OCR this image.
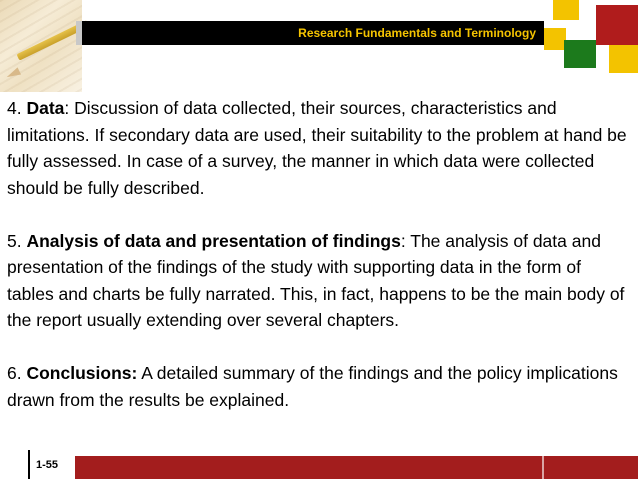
Research Fundamentals and Terminology

4. Data: Discussion of data collected, their sources, characteristics and limitations. If secondary data are used, their suitability to the problem at hand be fully assessed. In case of a survey, the manner in which data were collected should be fully described.

5. Analysis of data and presentation of findings: The analysis of data and presentation of the findings of the study with supporting data in the form of tables and charts be fully narrated. This, in fact, happens to be the main body of the report usually extending over several chapters.

6. Conclusions: A detailed summary of the findings and the policy implications drawn from the results be explained.

1-55
